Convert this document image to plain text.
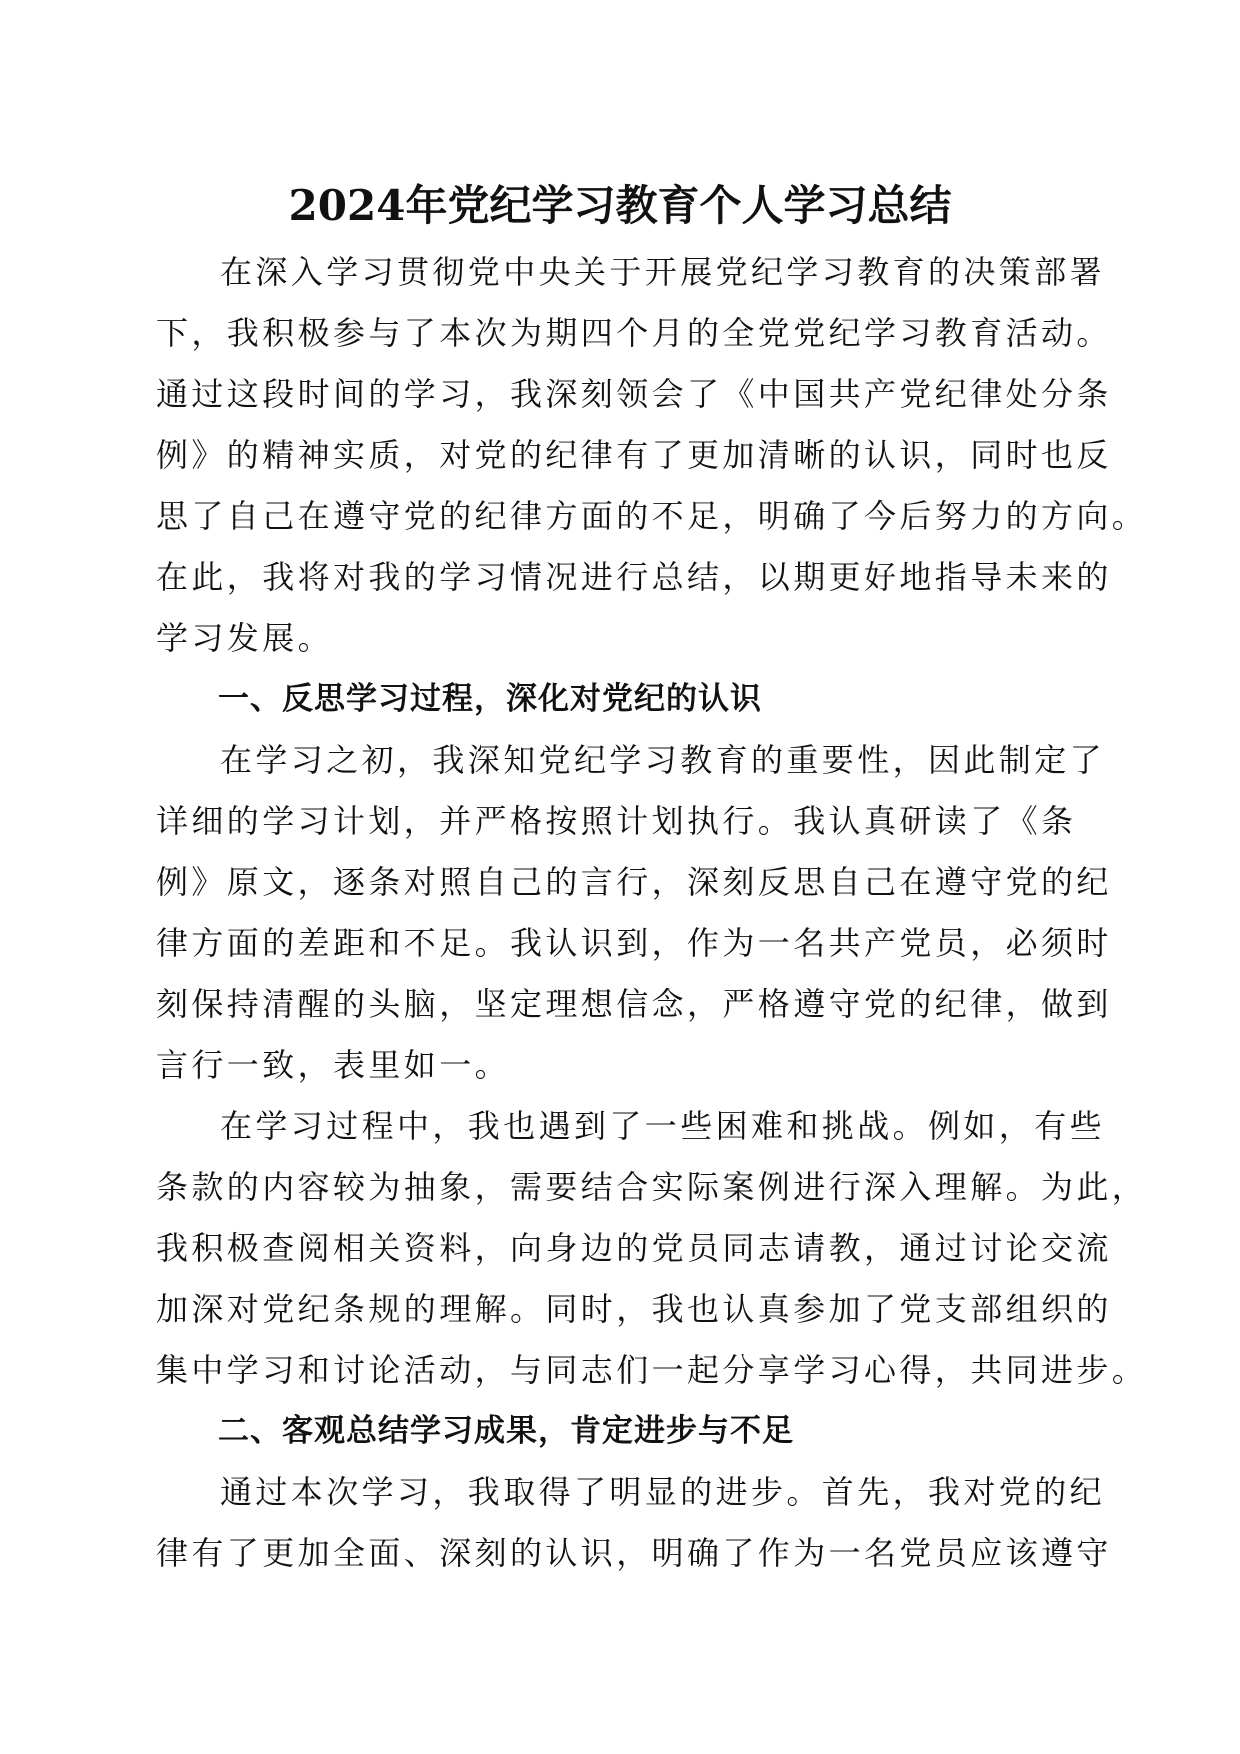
2024年党纪学习教育个人学习总结

在深入学习贯彻党中央关于开展党纪学习教育的决策部署
下，我积极参与了本次为期四个月的全党党纪学习教育活动。
通过这段时间的学习，我深刻领会了《中国共产党纪律处分条
例》的精神实质，对党的纪律有了更加清晰的认识，同时也反
思了自己在遵守党的纪律方面的不足，明确了今后努力的方向。
在此，我将对我的学习情况进行总结，以期更好地指导未来的
学习发展。

一、反思学习过程，深化对党纪的认识

在学习之初，我深知党纪学习教育的重要性，因此制定了
详细的学习计划，并严格按照计划执行。我认真研读了《条
例》原文，逐条对照自己的言行，深刻反思自己在遵守党的纪
律方面的差距和不足。我认识到，作为一名共产党员，必须时
刻保持清醒的头脑，坚定理想信念，严格遵守党的纪律，做到
言行一致，表里如一。

在学习过程中，我也遇到了一些困难和挑战。例如，有些
条款的内容较为抽象，需要结合实际案例进行深入理解。为此，
我积极查阅相关资料，向身边的党员同志请教，通过讨论交流
加深对党纪条规的理解。同时，我也认真参加了党支部组织的
集中学习和讨论活动，与同志们一起分享学习心得，共同进步。

二、客观总结学习成果，肯定进步与不足

通过本次学习，我取得了明显的进步。首先，我对党的纪
律有了更加全面、深刻的认识，明确了作为一名党员应该遵守
